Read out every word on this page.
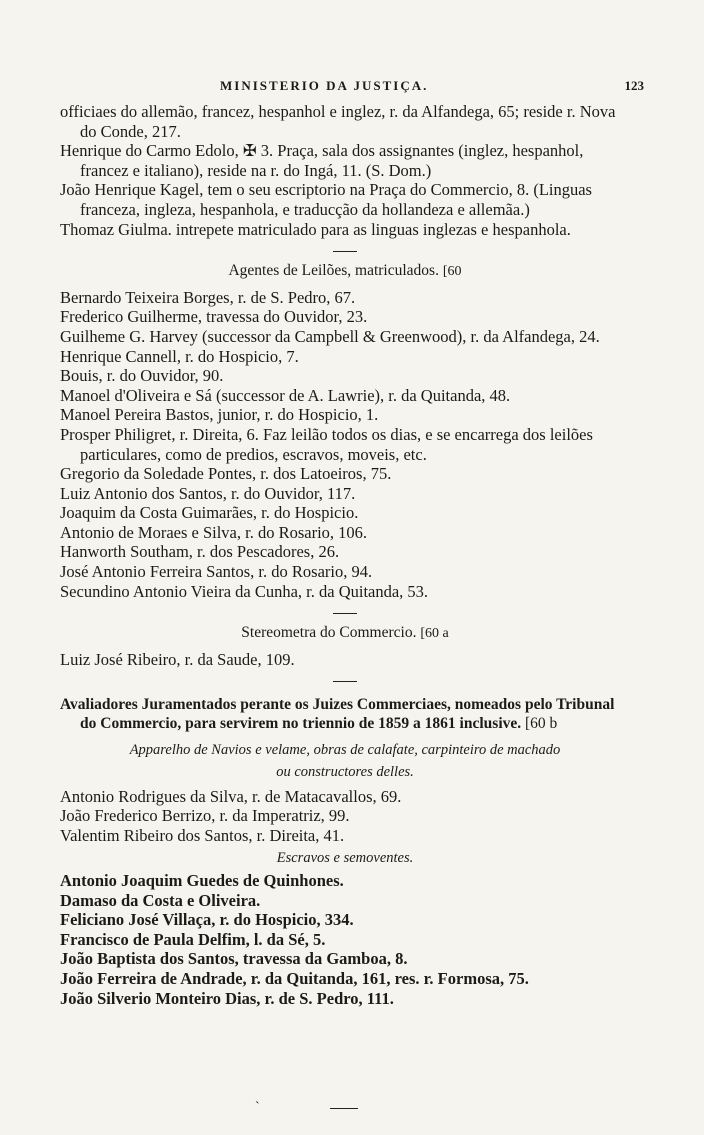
MINISTERIO DA JUSTIÇA.	123

officiaes do allemão, francez, hespanhol e inglez, r. da Alfandega, 65; reside r. Nova do Conde, 217.

Henrique do Carmo Edolo, ✠ 3. Praça, sala dos assignantes (inglez, hespanhol, francez e italiano), reside na r. do Ingá, 11. (S. Dom.)

João Henrique Kagel, tem o seu escriptorio na Praça do Commercio, 8. (Linguas franceza, ingleza, hespanhola, e traducção da hollandeza e allemãa.)

Thomaz Giulma. intrepete matriculado para as linguas inglezas e hespanhola.

Agentes de Leilões, matriculados. [60

Bernardo Teixeira Borges, r. de S. Pedro, 67.

Frederico Guilherme, travessa do Ouvidor, 23.

Guilheme G. Harvey (successor da Campbell & Greenwood), r. da Alfandega, 24.

Henrique Cannell, r. do Hospicio, 7.

Bouis, r. do Ouvidor, 90.

Manoel d'Oliveira e Sá (successor de A. Lawrie), r. da Quitanda, 48.

Manoel Pereira Bastos, junior, r. do Hospicio, 1.

Prosper Philigret, r. Direita, 6. Faz leilão todos os dias, e se encarrega dos leilões particulares, como de predios, escravos, moveis, etc.

Gregorio da Soledade Pontes, r. dos Latoeiros, 75.

Luiz Antonio dos Santos, r. do Ouvidor, 117.

Joaquim da Costa Guimarães, r. do Hospicio.

Antonio de Moraes e Silva, r. do Rosario, 106.

Hanworth Southam, r. dos Pescadores, 26.

José Antonio Ferreira Santos, r. do Rosario, 94.

Secundino Antonio Vieira da Cunha, r. da Quitanda, 53.

Stereometra do Commercio. [60 a

Luiz José Ribeiro, r. da Saude, 109.

Avaliadores Juramentados perante os Juizes Commerciaes, nomeados pelo Tribunal do Commercio, para servirem no triennio de 1859 a 1861 inclusive. [60 b
Apparelho de Navios e velame, obras de calafate, carpinteiro de machado
ou constructores delles.

Antonio Rodrigues da Silva, r. de Matacavallos, 69.

João Frederico Berrizo, r. da Imperatriz, 99.

Valentim Ribeiro dos Santos, r. Direita, 41.

Escravos e semoventes.

Antonio Joaquim Guedes de Quinhones.

Damaso da Costa e Oliveira.

Feliciano José Villaça, r. do Hospicio, 334.

Francisco de Paula Delfim, l. da Sé, 5.

João Baptista dos Santos, travessa da Gamboa, 8.

João Ferreira de Andrade, r. da Quitanda, 161, res. r. Formosa, 75.

João Silverio Monteiro Dias, r. de S. Pedro, 111.

ˋ
